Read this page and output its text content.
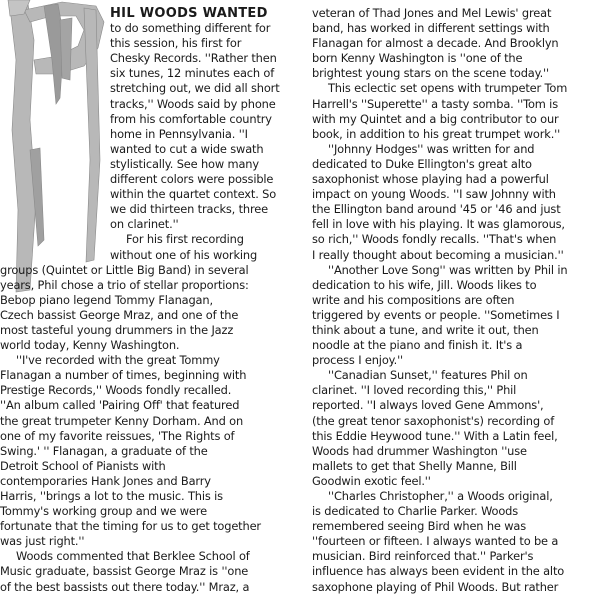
HIL WOODS WANTED
to do something different for
this session, his first for
Chesky Records. ''Rather then
six tunes, 12 minutes each of
stretching out, we did all short
tracks,'' Woods said by phone
from his comfortable country
home in Pennsylvania. ''I
wanted to cut a wide swath
stylistically. See how many
different colors were possible
within the quartet context. So
we did thirteen tracks, three
on clarinet.''
For his first recording
without one of his working

groups (Quintet or Little Big Band) in several
years, Phil chose a trio of stellar proportions:
Bebop piano legend Tommy Flanagan,
Czech bassist George Mraz, and one of the
most tasteful young drummers in the Jazz
world today, Kenny Washington.
''I've recorded with the great Tommy
Flanagan a number of times, beginning with
Prestige Records,'' Woods fondly recalled.
''An album called 'Pairing Off' that featured
the great trumpeter Kenny Dorham. And on
one of my favorite reissues, 'The Rights of
Swing.' '' Flanagan, a graduate of the
Detroit School of Pianists with
contemporaries Hank Jones and Barry
Harris, ''brings a lot to the music. This is
Tommy's working group and we were
fortunate that the timing for us to get together
was just right.''
Woods commented that Berklee School of
Music graduate, bassist George Mraz is ''one
of the best bassists out there today.'' Mraz, a
veteran of Thad Jones and Mel Lewis' great
band, has worked in different settings with
Flanagan for almost a decade. And Brooklyn
born Kenny Washington is ''one of the
brightest young stars on the scene today.''
This eclectic set opens with trumpeter Tom
Harrell's ''Superette'' a tasty somba. ''Tom is
with my Quintet and a big contributor to our
book, in addition to his great trumpet work.''
''Johnny Hodges'' was written for and
dedicated to Duke Ellington's great alto
saxophonist whose playing had a powerful
impact on young Woods. ''I saw Johnny with
the Ellington band around '45 or '46 and just
fell in love with his playing. It was glamorous,
so rich,'' Woods fondly recalls. ''That's when
I really thought about becoming a musician.''
''Another Love Song'' was written by Phil in
dedication to his wife, Jill. Woods likes to
write and his compositions are often
triggered by events or people. ''Sometimes I
think about a tune, and write it out, then
noodle at the piano and finish it. It's a
process I enjoy.''
''Canadian Sunset,'' features Phil on
clarinet. ''I loved recording this,'' Phil
reported. ''I always loved Gene Ammons',
(the great tenor saxophonist's) recording of
this Eddie Heywood tune.'' With a Latin feel,
Woods had drummer Washington ''use
mallets to get that Shelly Manne, Bill
Goodwin exotic feel.''
''Charles Christopher,'' a Woods original,
is dedicated to Charlie Parker. Woods
remembered seeing Bird when he was
''fourteen or fifteen. I always wanted to be a
musician. Bird reinforced that.'' Parker's
influence has always been evident in the alto
saxophone playing of Phil Woods. But rather
